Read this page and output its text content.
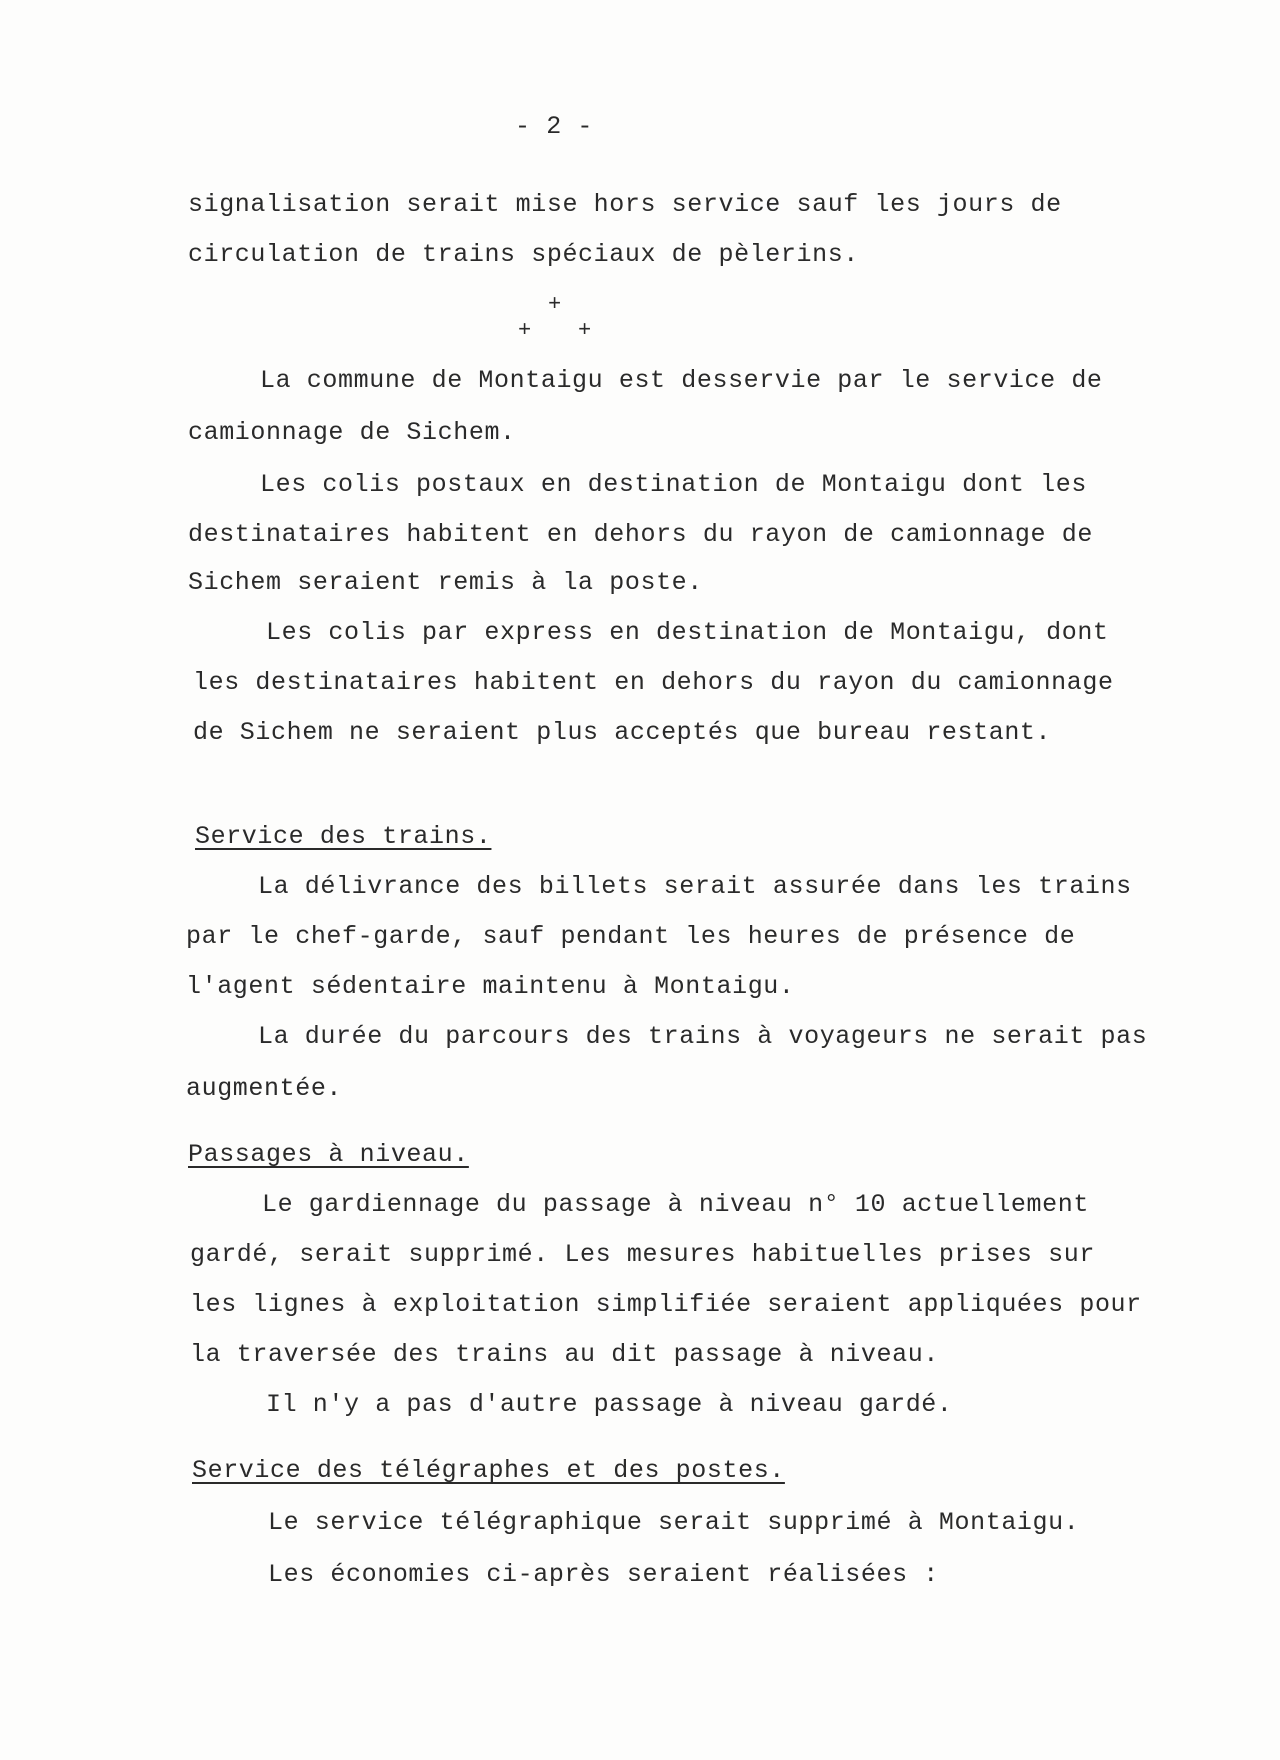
- 2 -
signalisation serait mise hors service sauf les jours de
circulation de trains spéciaux de pèlerins.
+
+ +
La commune de Montaigu est desservie par le service de
camionnage de Sichem.
Les colis postaux en destination de Montaigu dont les
destinataires habitent en dehors du rayon de camionnage de
Sichem seraient remis à la poste.
Les colis par express en destination de Montaigu, dont
les destinataires habitent en dehors du rayon du camionnage
de Sichem ne seraient plus acceptés que bureau restant.
Service des trains.
La délivrance des billets serait assurée dans les trains
par le chef-garde, sauf pendant les heures de présence de
l'agent sédentaire maintenu à Montaigu.
La durée du parcours des trains à voyageurs ne serait pas
augmentée.
Passages à niveau.
Le gardiennage du passage à niveau n° 10 actuellement
gardé, serait supprimé. Les mesures habituelles prises sur
les lignes à exploitation simplifiée seraient appliquées pour
la traversée des trains au dit passage à niveau.
Il n'y a pas d'autre passage à niveau gardé.
Service des télégraphes et des postes.
Le service télégraphique serait supprimé à Montaigu.
Les économies ci-après seraient réalisées :
